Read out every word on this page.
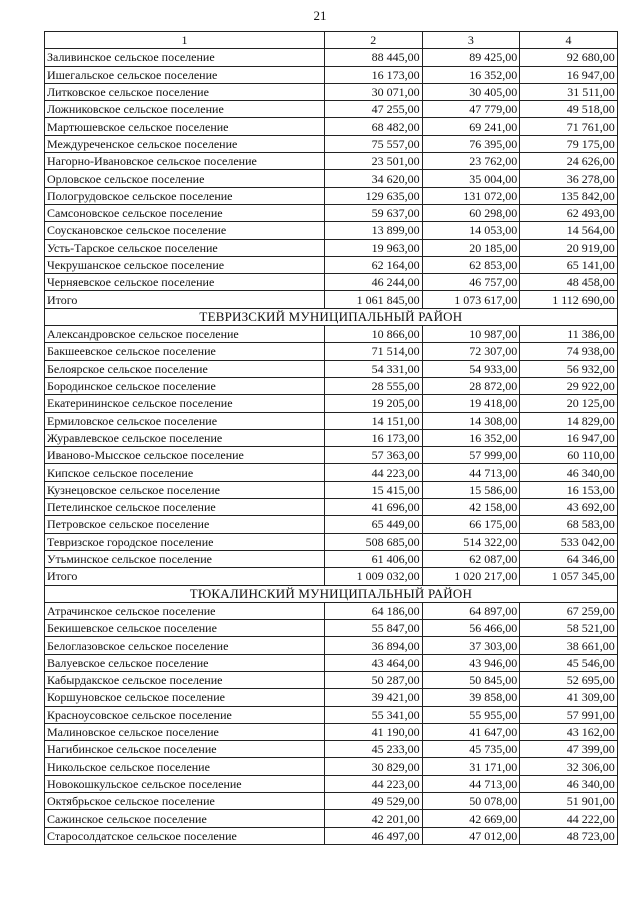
21
1	2	3	4
Заливинское сельское поселение	88 445,00	89 425,00	92 680,00
Ишегальское сельское поселение	16 173,00	16 352,00	16 947,00
Литковское сельское поселение	30 071,00	30 405,00	31 511,00
Ложниковское сельское поселение	47 255,00	47 779,00	49 518,00
Мартюшевское сельское поселение	68 482,00	69 241,00	71 761,00
Междуреченское сельское поселение	75 557,00	76 395,00	79 175,00
Нагорно-Ивановское сельское поселение	23 501,00	23 762,00	24 626,00
Орловское сельское поселение	34 620,00	35 004,00	36 278,00
Пологрудовское сельское поселение	129 635,00	131 072,00	135 842,00
Самсоновское сельское поселение	59 637,00	60 298,00	62 493,00
Соускановское сельское поселение	13 899,00	14 053,00	14 564,00
Усть-Тарское сельское поселение	19 963,00	20 185,00	20 919,00
Чекрушанское сельское поселение	62 164,00	62 853,00	65 141,00
Черняевское сельское поселение	46 244,00	46 757,00	48 458,00
Итого	1 061 845,00	1 073 617,00	1 112 690,00
ТЕВРИЗСКИЙ МУНИЦИПАЛЬНЫЙ РАЙОН			
Александровское сельское поселение	10 866,00	10 987,00	11 386,00
Бакшеевское сельское поселение	71 514,00	72 307,00	74 938,00
Белоярское сельское поселение	54 331,00	54 933,00	56 932,00
Бородинское сельское поселение	28 555,00	28 872,00	29 922,00
Екатерининское сельское поселение	19 205,00	19 418,00	20 125,00
Ермиловское сельское поселение	14 151,00	14 308,00	14 829,00
Журавлевское сельское поселение	16 173,00	16 352,00	16 947,00
Иваново-Мысское сельское поселение	57 363,00	57 999,00	60 110,00
Кипское сельское поселение	44 223,00	44 713,00	46 340,00
Кузнецовское сельское поселение	15 415,00	15 586,00	16 153,00
Петелинское сельское поселение	41 696,00	42 158,00	43 692,00
Петровское сельское поселение	65 449,00	66 175,00	68 583,00
Тевризское городское поселение	508 685,00	514 322,00	533 042,00
Утьминское сельское поселение	61 406,00	62 087,00	64 346,00
Итого	1 009 032,00	1 020 217,00	1 057 345,00
ТЮКАЛИНСКИЙ МУНИЦИПАЛЬНЫЙ РАЙОН			
Атрачинское сельское поселение	64 186,00	64 897,00	67 259,00
Бекишевское сельское поселение	55 847,00	56 466,00	58 521,00
Белоглазовское сельское поселение	36 894,00	37 303,00	38 661,00
Валуевское сельское поселение	43 464,00	43 946,00	45 546,00
Кабырдакское сельское поселение	50 287,00	50 845,00	52 695,00
Коршуновское сельское поселение	39 421,00	39 858,00	41 309,00
Красноусовское сельское поселение	55 341,00	55 955,00	57 991,00
Малиновское сельское поселение	41 190,00	41 647,00	43 162,00
Нагибинское сельское поселение	45 233,00	45 735,00	47 399,00
Никольское сельское поселение	30 829,00	31 171,00	32 306,00
Новокошкульское сельское поселение	44 223,00	44 713,00	46 340,00
Октябрьское сельское поселение	49 529,00	50 078,00	51 901,00
Сажинское сельское поселение	42 201,00	42 669,00	44 222,00
Старосолдатское сельское поселение	46 497,00	47 012,00	48 723,00
